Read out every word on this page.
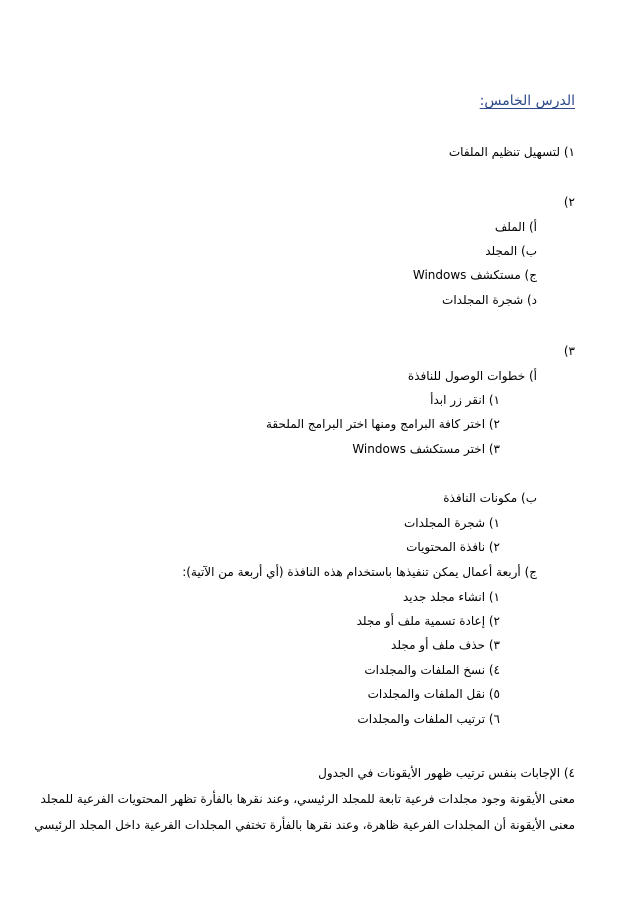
الدرس الخامس:

١) لتسهيل تنظيم الملفات

٢)

أ) الملف

ب) المجلد

ج) مستكشف Windows

د) شجرة المجلدات

٣)

أ) خطوات الوصول للنافذة

١) انقر زر ابدأ

٢) اختر كافة البرامج ومنها اختر البرامج الملحقة

٣) اختر مستكشف Windows

ب) مكونات النافذة

١) شجرة المجلدات

٢) نافذة المحتويات

ج) أربعة أعمال يمكن تنفيذها باستخدام هذه النافذة (أي أربعة من الآتية):

١) انشاء مجلد جديد

٢) إعادة تسمية ملف أو مجلد

٣) حذف ملف أو مجلد

٤) نسخ الملفات والمجلدات

٥) نقل الملفات والمجلدات

٦) ترتيب الملفات والمجلدات

٤) الإجابات بنفس ترتيب ظهور الأيقونات في الجدول

معنى الأيقونة وجود مجلدات فرعية تابعة للمجلد الرئيسي، وعند نقرها بالفأرة تظهر المحتويات الفرعية للمجلد

معنى الأيقونة أن المجلدات الفرعية ظاهرة، وعند نقرها بالفأرة تختفي المجلدات الفرعية داخل المجلد الرئيسي
